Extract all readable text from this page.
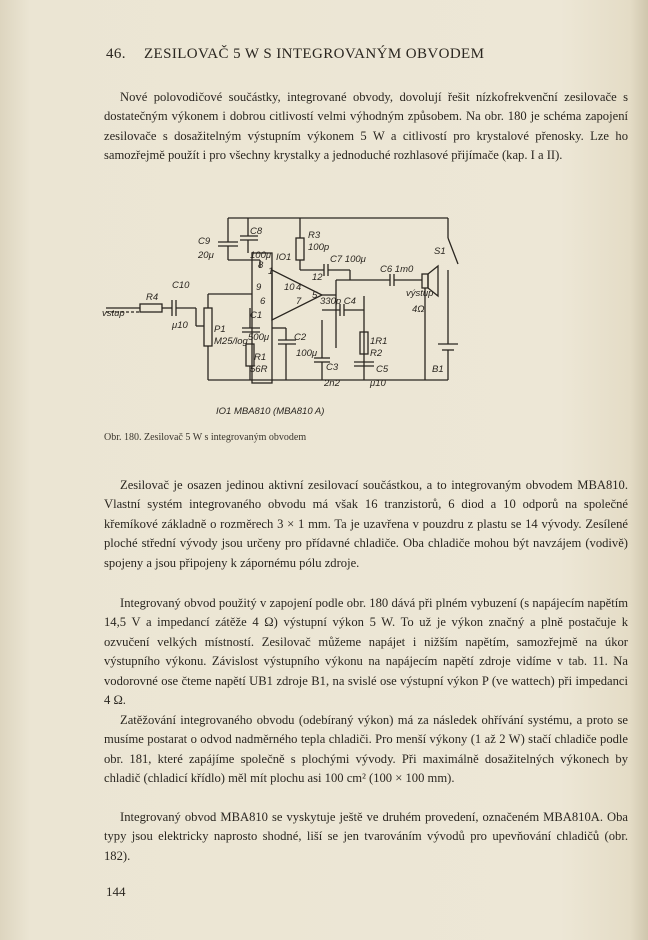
46. ZESILOVAČ 5 W S INTEGROVANÝM OBVODEM
Nové polovodičové součástky, integrované obvody, dovolují řešit nízkofrekvenční zesilovače s dostatečným výkonem i dobrou citlivostí velmi výhodným způsobem. Na obr. 180 je schéma zapojení zesilovače s dosažitelným výstupním výkonem 5 W a citlivostí pro krystalové přenosky. Lze ho samozřejmě použít i pro všechny krystalky a jednoduché rozhlasové přijímače (kap. I a II).
C9
20μ
C8
100μ IO1
R3
100p
C7 100μ
S1
C6 1m0
R4
C10
vstup
μ10	P1
M25/log
C1
500μ
R1
56R
C2
100μ
C3
2n2
330p C4
výstup
4Ω
1R1
R2
C5
μ10
B1
8
1
9
6
10 4
7
12
5
IO1 MBA810 (MBA810 A)
Obr. 180. Zesilovač 5 W s integrovaným obvodem
Zesilovač je osazen jedinou aktivní zesilovací součástkou, a to integrovaným obvodem MBA810. Vlastní systém integrovaného obvodu má však 16 tranzistorů, 6 diod a 10 odporů na společné křemíkové základně o rozměrech 3 × 1 mm. Ta je uzavřena v pouzdru z plastu se 14 vývody. Zesílené ploché střední vývody jsou určeny pro přídavné chladiče. Oba chladiče mohou být navzájem (vodivě) spojeny a jsou připojeny k zápornému pólu zdroje.
Integrovaný obvod použitý v zapojení podle obr. 180 dává při plném vybuzení (s napájecím napětím 14,5 V a impedancí zátěže 4 Ω) výstupní výkon 5 W. To už je výkon značný a plně postačuje k ozvučení velkých místností. Zesilovač můžeme napájet i nižším napětím, samozřejmě na úkor výstupního výkonu. Závislost výstupního výkonu na napájecím napětí zdroje vidíme v tab. 11. Na vodorovné ose čteme napětí UB1 zdroje B1, na svislé ose výstupní výkon P (ve wattech) při impedanci 4 Ω.
Zatěžování integrovaného obvodu (odebíraný výkon) má za následek ohřívání systému, a proto se musíme postarat o odvod nadměrného tepla chladiči. Pro menší výkony (1 až 2 W) stačí chladiče podle obr. 181, které zapájíme společně s plochými vývody. Při maximálně dosažitelných výkonech by chladič (chladicí křídlo) měl mít plochu asi 100 cm² (100 × 100 mm).
Integrovaný obvod MBA810 se vyskytuje ještě ve druhém provedení, označeném MBA810A. Oba typy jsou elektricky naprosto shodné, liší se jen tvarováním vývodů pro upevňování chladičů (obr. 182).
144
